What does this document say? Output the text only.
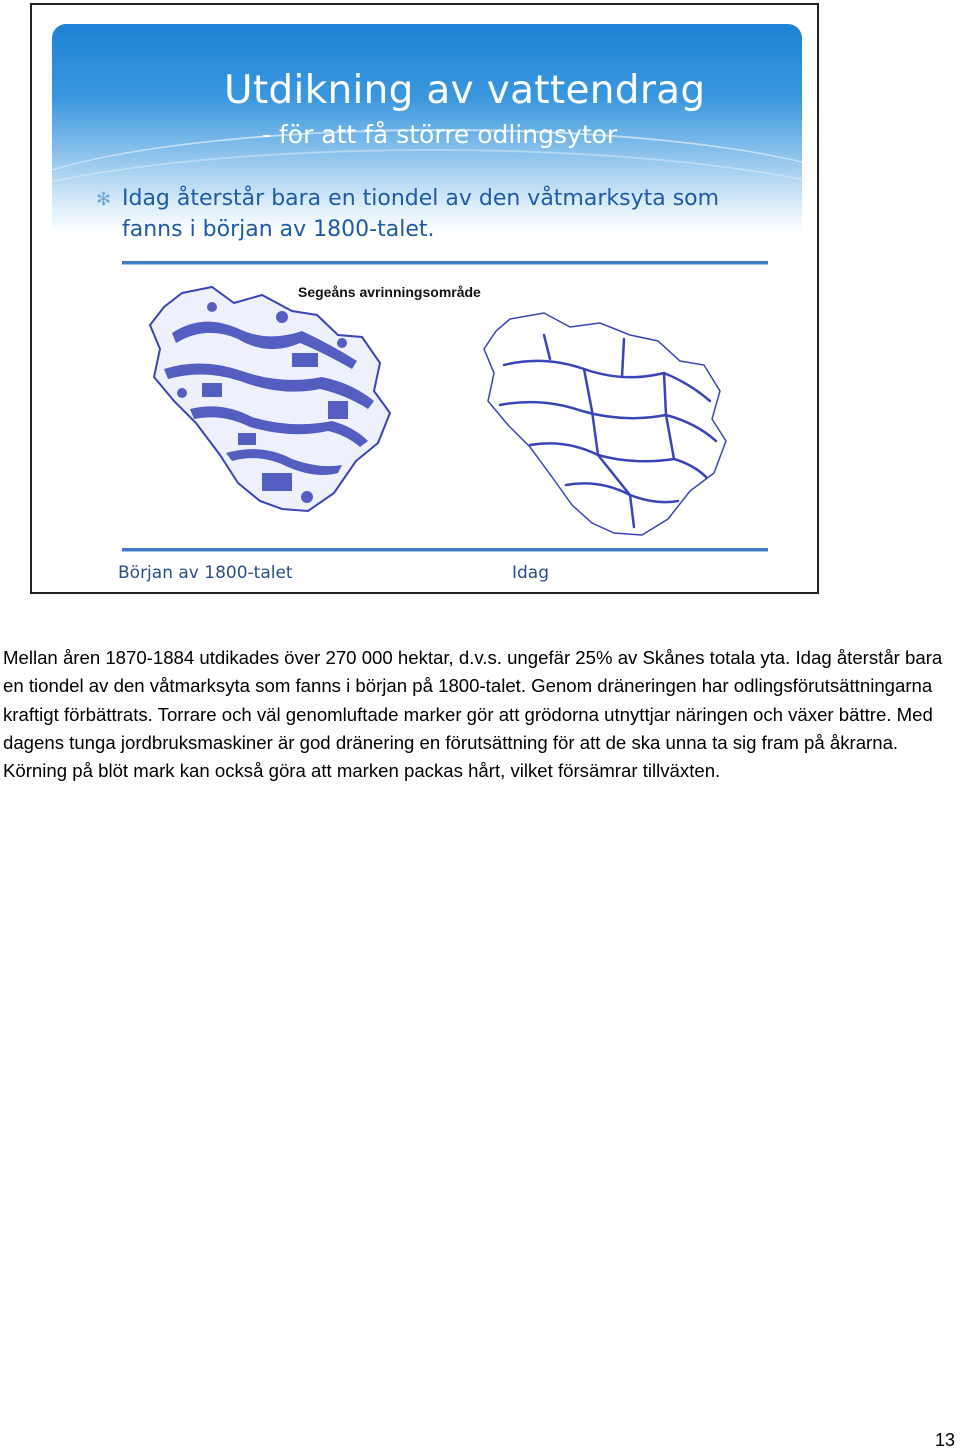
Utdikning av vattendrag
- för att få större odlingsytor
✻ Idag återstår bara en tiondel av den våtmarksyta som fanns i början av 1800-talet.
Segeåns avrinningsområde
Början av 1800-talet	Idag
Mellan åren 1870-1884 utdikades över 270 000 hektar, d.v.s. ungefär 25% av Skånes totala yta. Idag återstår bara en tiondel av den våtmarksyta som fanns i början på 1800-talet. Genom dräneringen har odlingsförutsättningarna kraftigt förbättrats. Torrare och väl genomluftade marker gör att grödorna utnyttjar näringen och växer bättre. Med dagens tunga jordbruksmaskiner är god dränering en förutsättning för att de ska unna ta sig fram på åkrarna. Körning på blöt mark kan också göra att marken packas hårt, vilket försämrar tillväxten.
13
